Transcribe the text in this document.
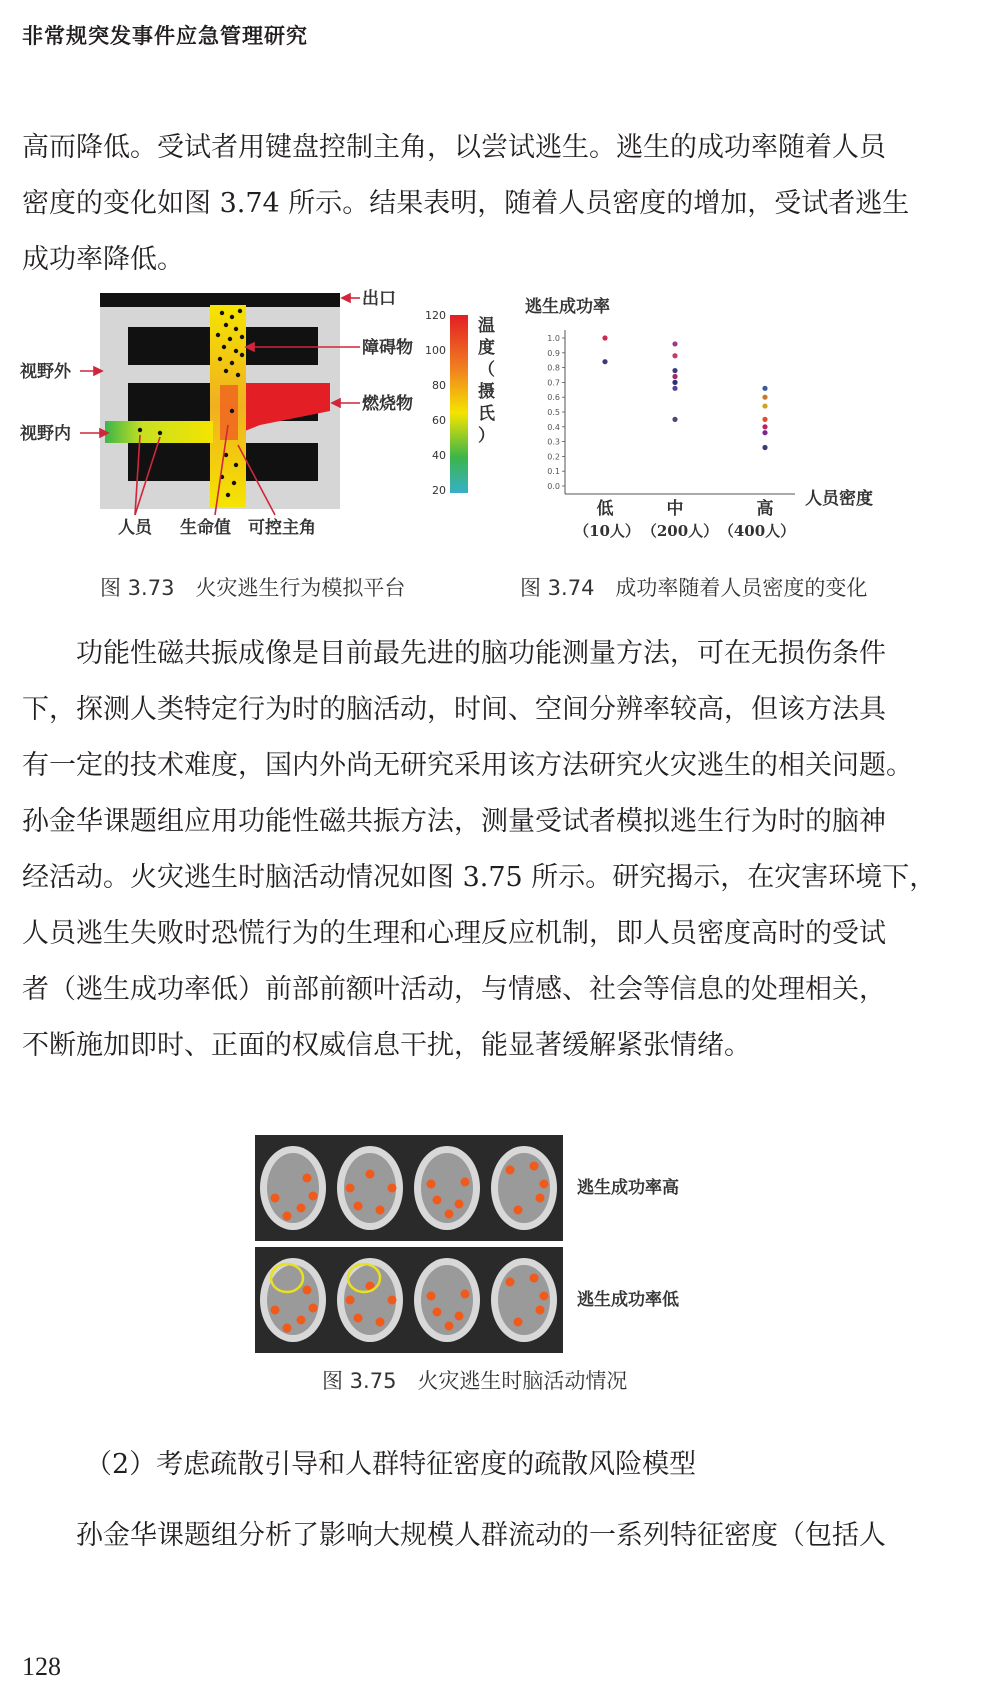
非常规突发事件应急管理研究

高而降低。受试者用键盘控制主角，以尝试逃生。逃生的成功率随着人员

密度的变化如图 3.74 所示。结果表明，随着人员密度的增加，受试者逃生

成功率降低。

出口
障碍物
燃烧物
视野外
视野内
人员 生命值 可控主角
120
100
80
60
40
20
温
度
（
摄
氏
）
图 3.73　火灾逃生行为模拟平台
逃生成功率
0.0
0.1
0.2
0.3
0.4
0.5
0.6
0.7
0.8
0.9
1.0
低
（10人）
中
（200人）
高
（400人）
人员密度
图 3.74　成功率随着人员密度的变化

功能性磁共振成像是目前最先进的脑功能测量方法，可在无损伤条件

下，探测人类特定行为时的脑活动，时间、空间分辨率较高，但该方法具

有一定的技术难度，国内外尚无研究采用该方法研究火灾逃生的相关问题。

孙金华课题组应用功能性磁共振方法，测量受试者模拟逃生行为时的脑神

经活动。火灾逃生时脑活动情况如图 3.75 所示。研究揭示，在灾害环境下，

人员逃生失败时恐慌行为的生理和心理反应机制，即人员密度高时的受试

者（逃生成功率低）前部前额叶活动，与情感、社会等信息的处理相关，

不断施加即时、正面的权威信息干扰，能显著缓解紧张情绪。

逃生成功率高
逃生成功率低
图 3.75　火灾逃生时脑活动情况
（2）考虑疏散引导和人群特征密度的疏散风险模型

孙金华课题组分析了影响大规模人群流动的一系列特征密度（包括人

128
